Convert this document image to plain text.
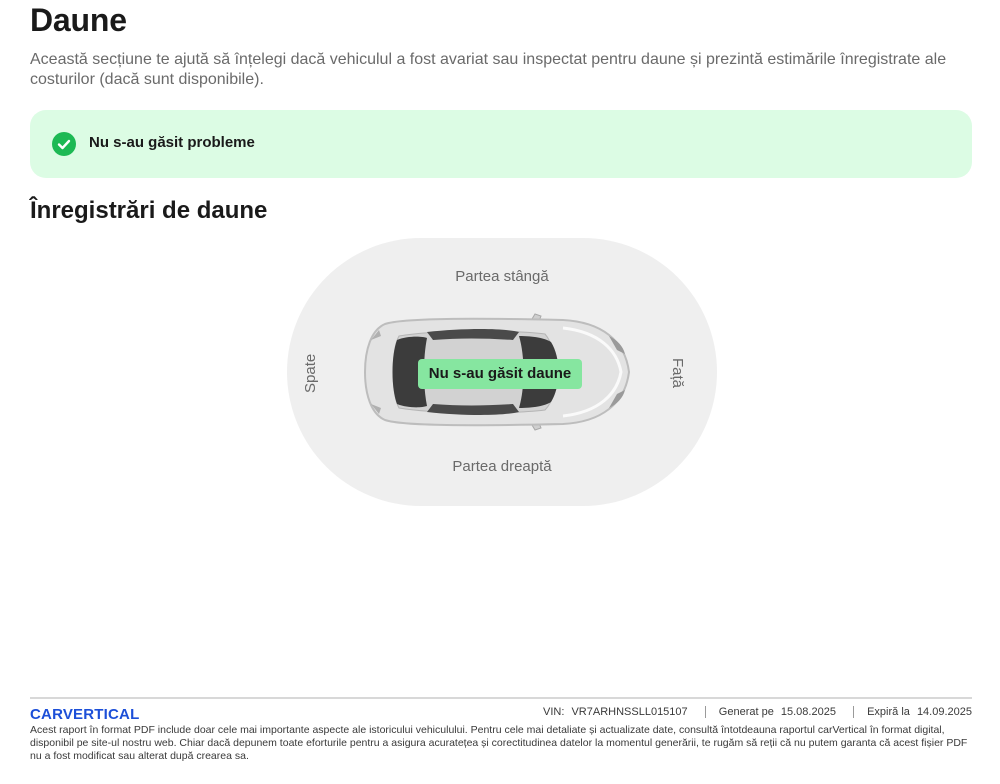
Daune

Această secțiune te ajută să înțelegi dacă vehiculul a fost avariat sau inspectat pentru daune și prezintă estimările înregistrate ale costurilor (dacă sunt disponibile).

Nu s-au găsit probleme
Înregistrări de daune
Partea stângă
Partea dreaptă
Spate	Față
Nu s-au găsit daune
CARVERTICAL	VIN: VR7ARHNSSLL015107	Generat pe 15.08.2025	Expiră la 14.09.2025

Acest raport în format PDF include doar cele mai importante aspecte ale istoricului vehiculului. Pentru cele mai detaliate și actualizate date, consultă întotdeauna raportul carVertical în format digital, disponibil pe site-ul nostru web. Chiar dacă depunem toate eforturile pentru a asigura acuratețea și corectitudinea datelor la momentul generării, te rugăm să reții că nu putem garanta că acest fișier PDF nu a fost modificat sau alterat după crearea sa.
